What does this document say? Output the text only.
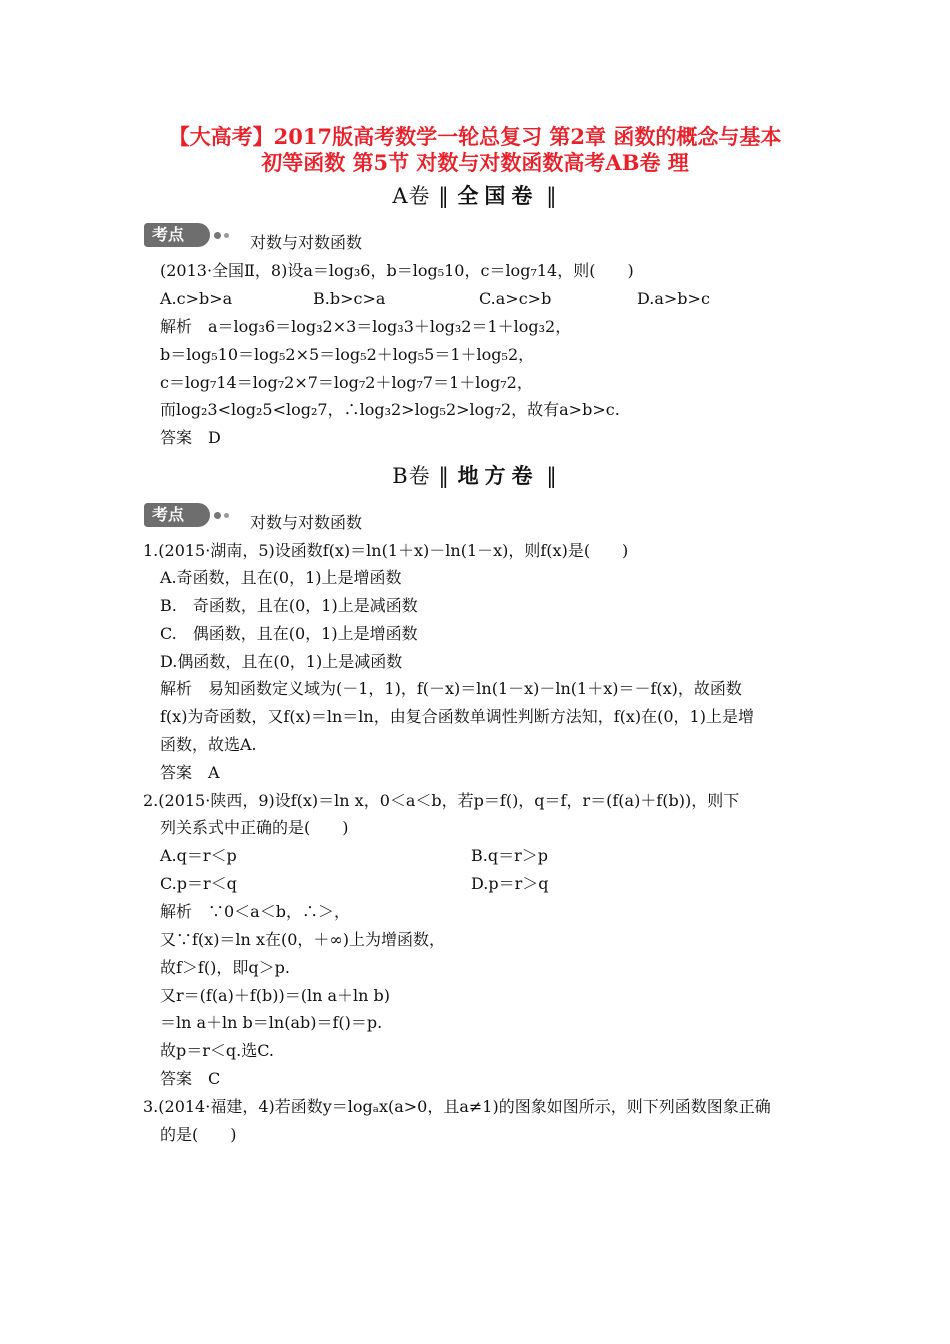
【大高考】2017版高考数学一轮总复习 第2章 函数的概念与基本
初等函数 第5节 对数与对数函数高考AB卷 理
A卷 ‖ 全国卷 ‖
考点	对数与对数函数
(2013·全国Ⅱ，8)设a＝log₃6，b＝log₅10，c＝log₇14，则(　　)
A.c>b>a	B.b>c>a	C.a>c>b	D.a>b>c
解析　a＝log₃6＝log₃2×3＝log₃3＋log₃2＝1＋log₃2，
b＝log₅10＝log₅2×5＝log₅2＋log₅5＝1＋log₅2，
c＝log₇14＝log₇2×7＝log₇2＋log₇7＝1＋log₇2，
而log₂3<log₂5<log₂7，∴log₃2>log₅2>log₇2，故有a>b>c.
答案　D
B卷 ‖ 地方卷 ‖
考点	对数与对数函数
1.(2015·湖南，5)设函数f(x)＝ln(1＋x)－ln(1－x)，则f(x)是(　　)
A.奇函数，且在(0，1)上是增函数
B.　奇函数，且在(0，1)上是减函数
C.　偶函数，且在(0，1)上是增函数
D.偶函数，且在(0，1)上是减函数
解析　易知函数定义域为(－1，1)，f(－x)＝ln(1－x)－ln(1＋x)＝－f(x)，故函数
f(x)为奇函数，又f(x)＝ln＝ln，由复合函数单调性判断方法知，f(x)在(0，1)上是增
函数，故选A.
答案　A
2.(2015·陕西，9)设f(x)＝ln x，0＜a＜b，若p＝f()，q＝f，r＝(f(a)＋f(b))，则下
列关系式中正确的是(　　)
A.q＝r＜p	B.q＝r＞p
C.p＝r＜q	D.p＝r＞q
解析　∵0＜a＜b，∴＞，
又∵f(x)＝ln x在(0，＋∞)上为增函数，
故f＞f()，即q＞p.
又r＝(f(a)＋f(b))＝(ln a＋ln b)
＝ln a＋ln b＝ln(ab)＝f()＝p.
故p＝r＜q.选C.
答案　C
3.(2014·福建，4)若函数y＝logₐx(a>0，且a≠1)的图象如图所示，则下列函数图象正确
的是(　　)
